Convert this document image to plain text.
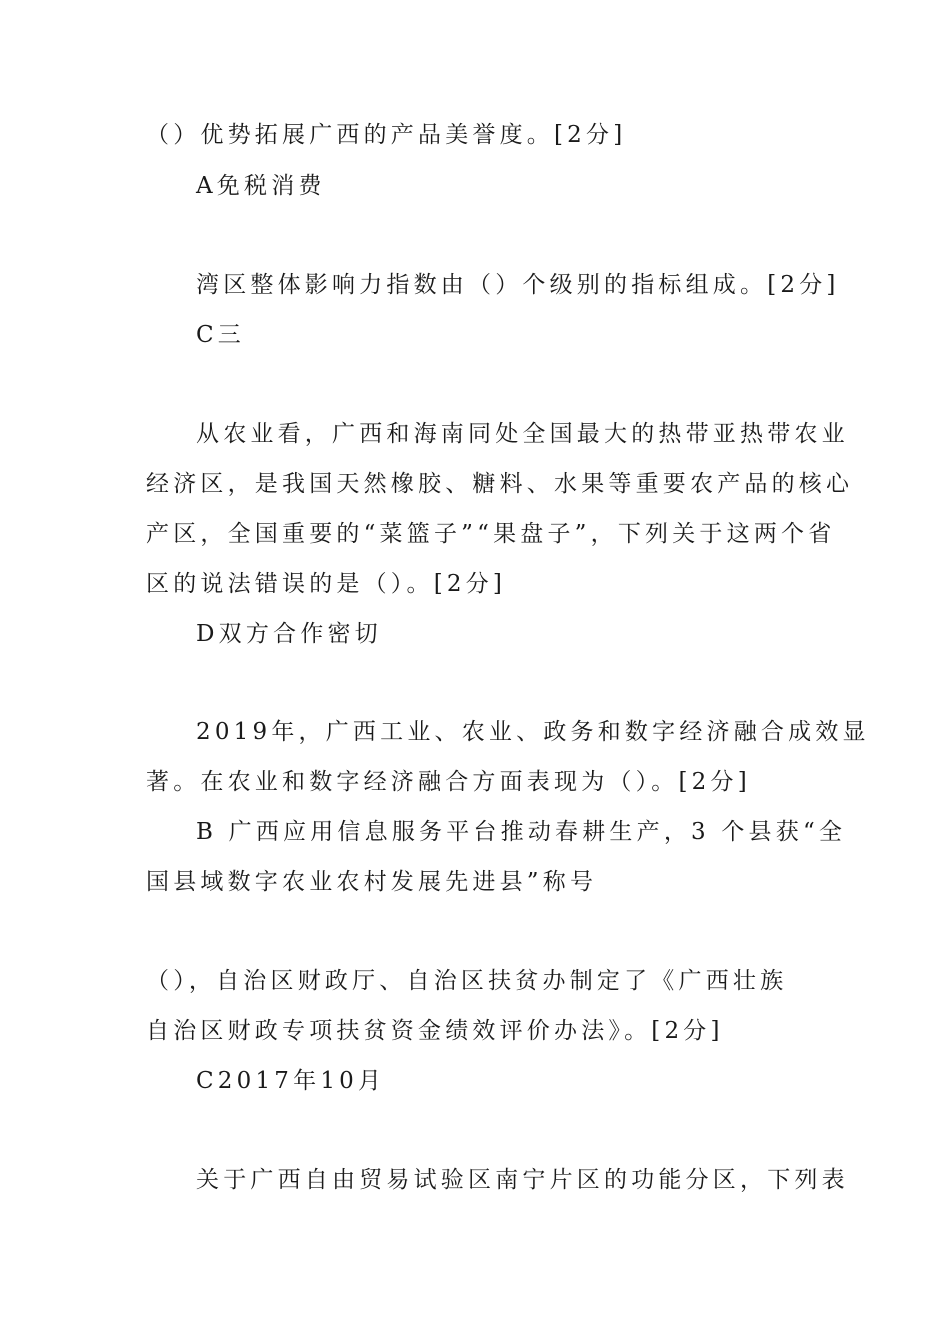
（）优势拓展广西的产品美誉度。[2分]
A免税消费
湾区整体影响力指数由（）个级别的指标组成。[2分]
C三
从农业看，广西和海南同处全国最大的热带亚热带农业
经济区，是我国天然橡胶、糖料、水果等重要农产品的核心
产区，全国重要的“菜篮子”“果盘子”，下列关于这两个省
区的说法错误的是（）。[2分]
D双方合作密切
2019年，广西工业、农业、政务和数字经济融合成效显
著。在农业和数字经济融合方面表现为（）。[2分]
B 广西应用信息服务平台推动春耕生产，3 个县获“全
国县域数字农业农村发展先进县”称号
（），自治区财政厅、自治区扶贫办制定了《广西壮族
自治区财政专项扶贫资金绩效评价办法》。[2分]
C2017年10月
关于广西自由贸易试验区南宁片区的功能分区，下列表
